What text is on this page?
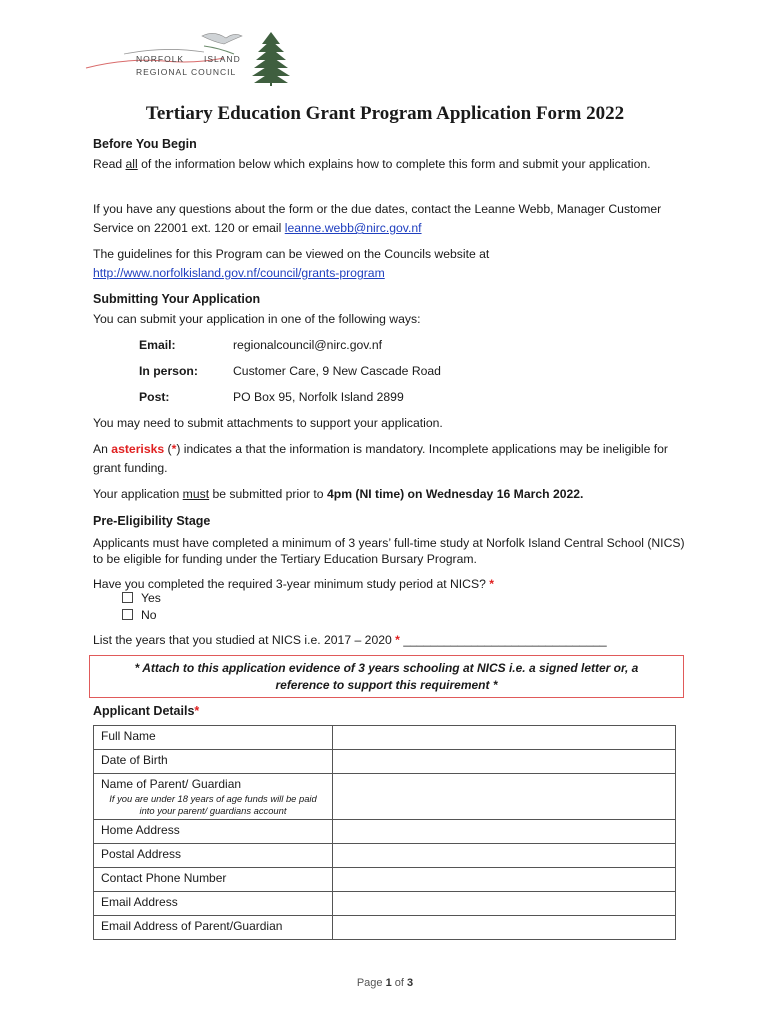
NORFOLK ISLAND
REGIONAL COUNCIL
Tertiary Education Grant Program Application Form 2022
Before You Begin

Read all of the information below which explains how to complete this form and submit your application.

If you have any questions about the form or the due dates, contact the Leanne Webb, Manager Customer Service on 22001 ext. 120 or email leanne.webb@nirc.gov.nf

The guidelines for this Program can be viewed on the Councils website at
http://www.norfolkisland.gov.nf/council/grants-program

Submitting Your Application

You can submit your application in one of the following ways:

Email:	regionalcouncil@nirc.gov.nf
In person:	Customer Care, 9 New Cascade Road
Post:	PO Box 95, Norfolk Island 2899

You may need to submit attachments to support your application.

An asterisks (*) indicates a that the information is mandatory. Incomplete applications may be ineligible for grant funding.

Your application must be submitted prior to 4pm (NI time) on Wednesday 16 March 2022.

Pre-Eligibility Stage

Applicants must have completed a minimum of 3 years’ full-time study at Norfolk Island Central School (NICS) to be eligible for funding under the Tertiary Education Bursary Program.

Have you completed the required 3-year minimum study period at NICS? *

Yes
No

List the years that you studied at NICS i.e. 2017 – 2020 * ______________________________

* Attach to this application evidence of 3 years schooling at NICS i.e. a signed letter or, a
reference to support this requirement *
Applicant Details*
Full Name	
Date of Birth	
Name of Parent/ Guardian
If you are under 18 years of age funds will be paid into your parent/ guardians account	

Home Address	
Postal Address	
Contact Phone Number	
Email Address	
Email Address of Parent/Guardian	
Page 1 of 3
